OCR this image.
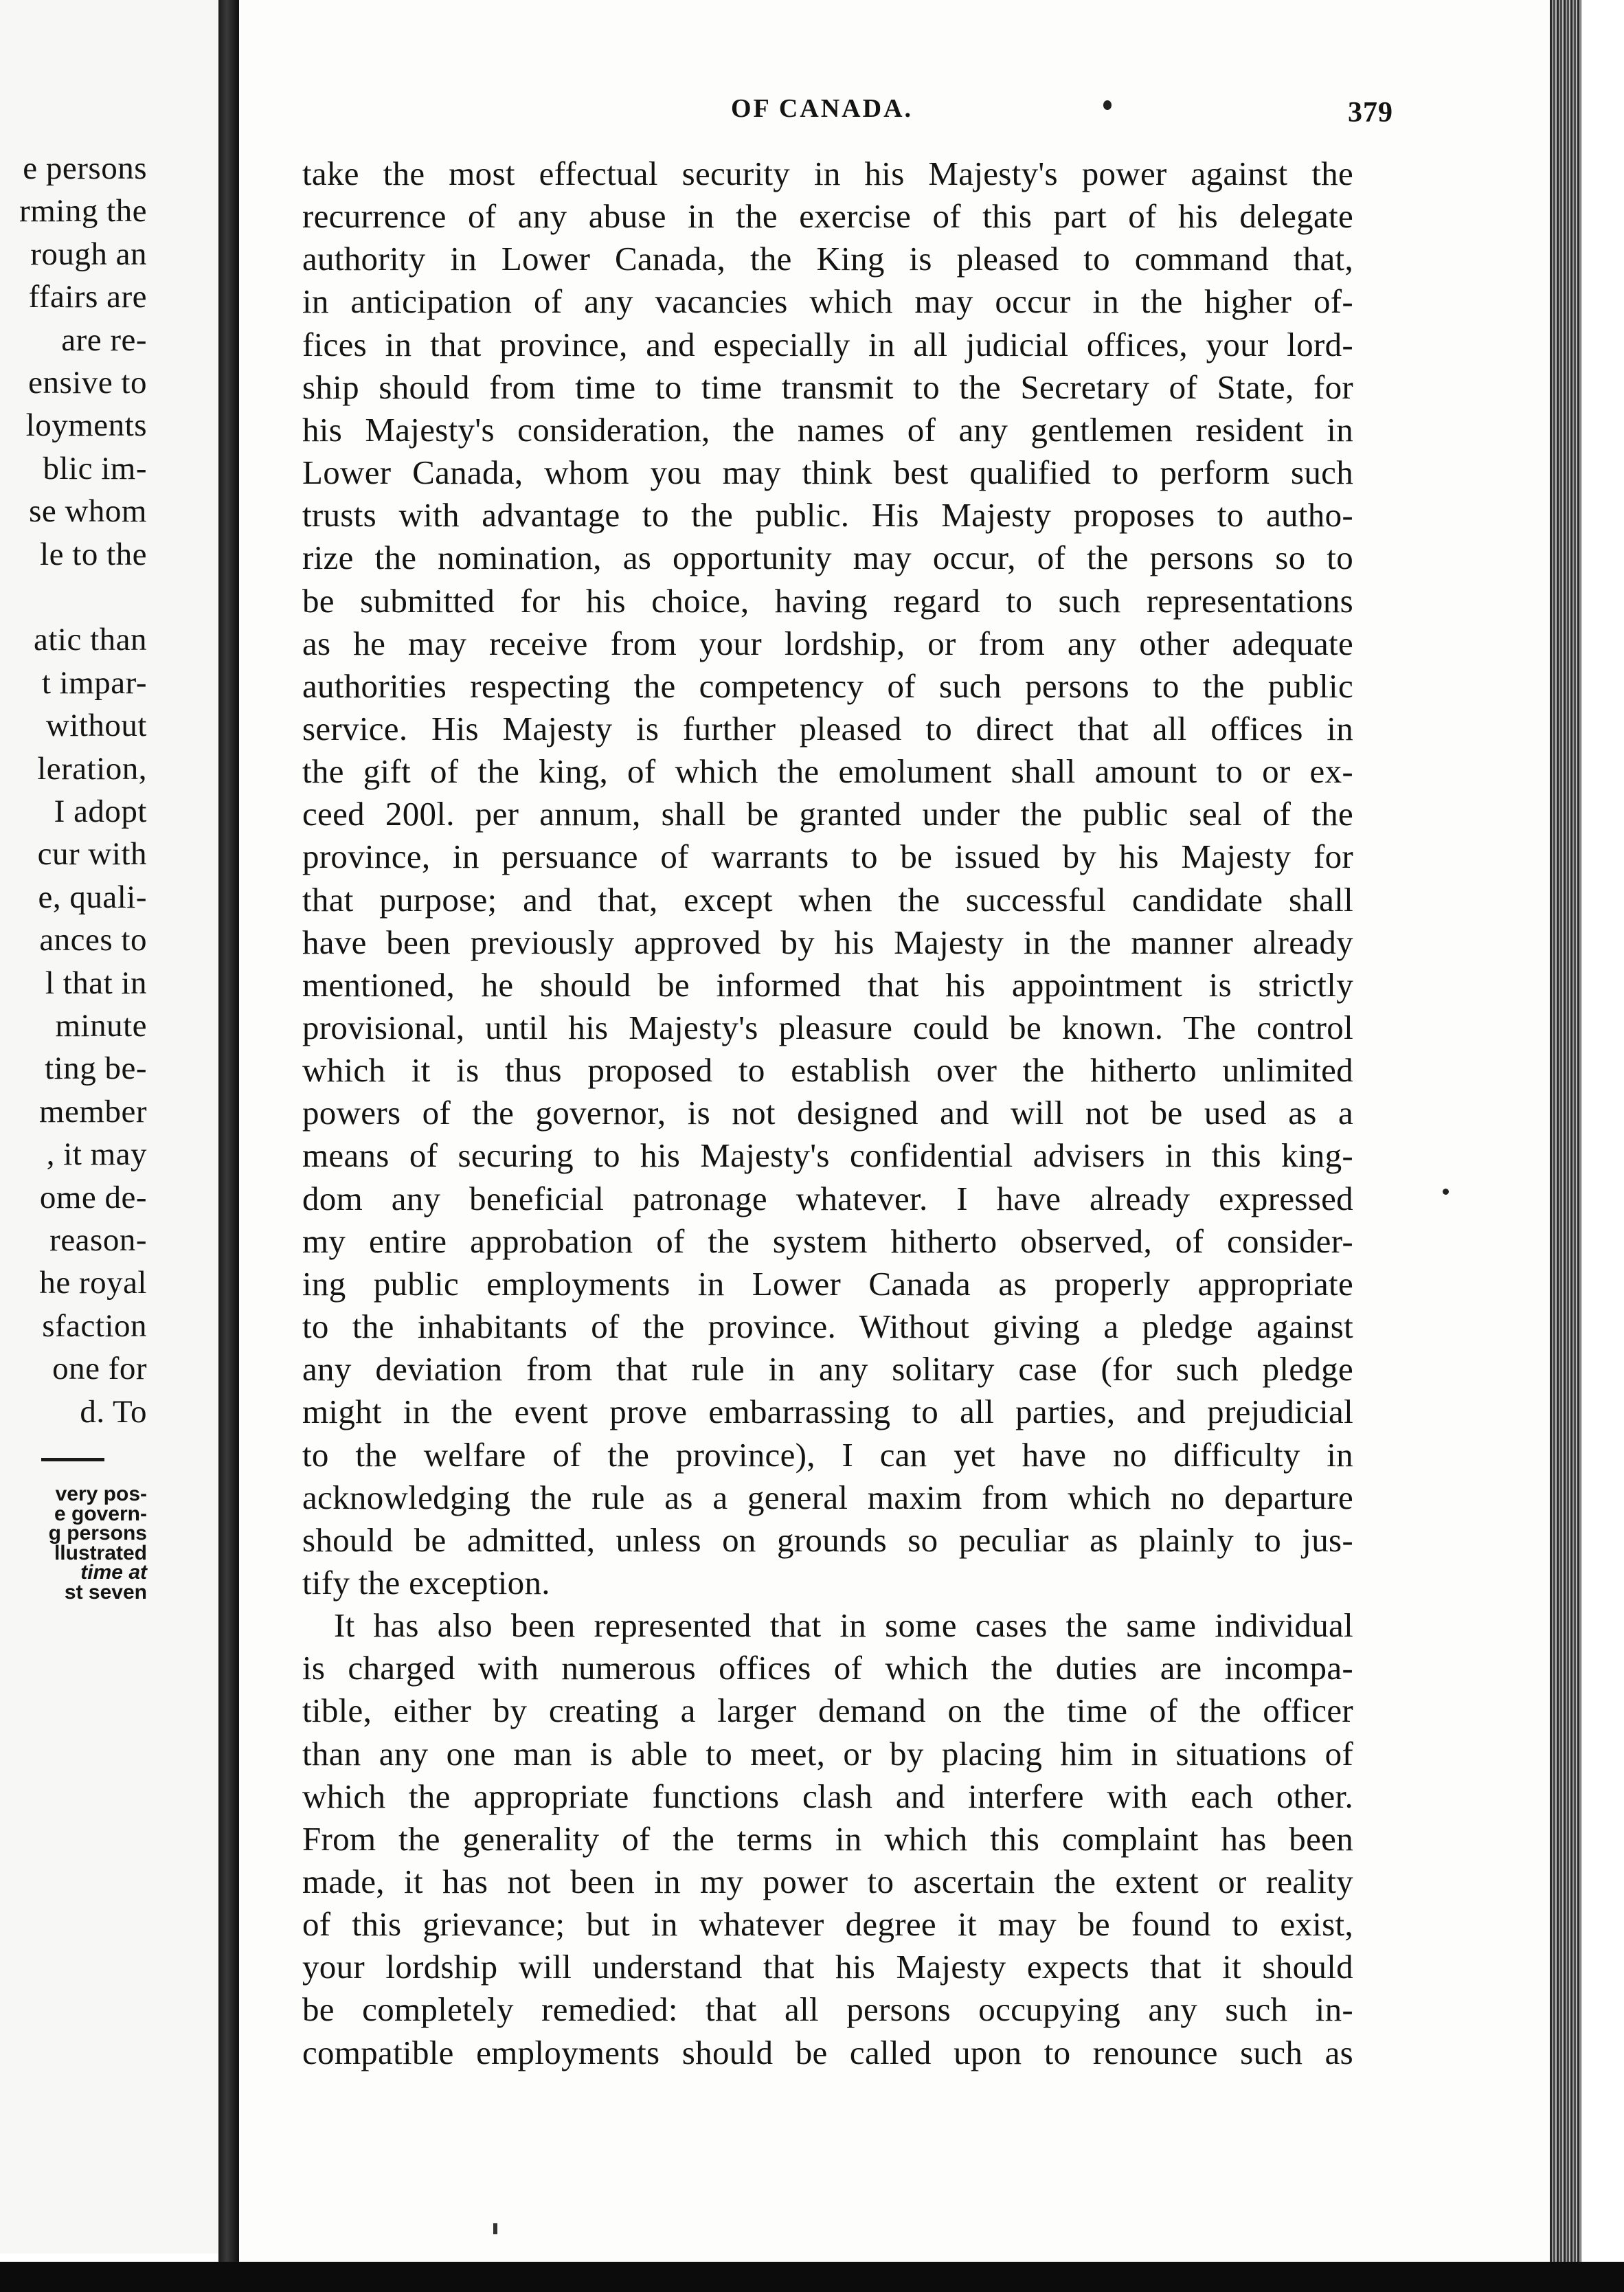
e persons
rming the
rough an
ffairs are
are re-
ensive to
loyments
blic im-
se whom
le to the
atic than
t impar-
without
leration,
I adopt
cur with
e, quali-
ances to
l that in
minute
ting be-
member
, it may
ome de-
reason-
he royal
sfaction
one for
d. To
very pos-
e govern-
g persons
llustrated
time at
st seven
OF CANADA.	379
take the most effectual security in his Majesty's power against the
recurrence of any abuse in the exercise of this part of his delegate
authority in Lower Canada, the King is pleased to command that,
in anticipation of any vacancies which may occur in the higher of-
fices in that province, and especially in all judicial offices, your lord-
ship should from time to time transmit to the Secretary of State, for
his Majesty's consideration, the names of any gentlemen resident in
Lower Canada, whom you may think best qualified to perform such
trusts with advantage to the public. His Majesty proposes to autho-
rize the nomination, as opportunity may occur, of the persons so to
be submitted for his choice, having regard to such representations
as he may receive from your lordship, or from any other adequate
authorities respecting the competency of such persons to the public
service. His Majesty is further pleased to direct that all offices in
the gift of the king, of which the emolument shall amount to or ex-
ceed 200l. per annum, shall be granted under the public seal of the
province, in persuance of warrants to be issued by his Majesty for
that purpose; and that, except when the successful candidate shall
have been previously approved by his Majesty in the manner already
mentioned, he should be informed that his appointment is strictly
provisional, until his Majesty's pleasure could be known. The control
which it is thus proposed to establish over the hitherto unlimited
powers of the governor, is not designed and will not be used as a
means of securing to his Majesty's confidential advisers in this king-
dom any beneficial patronage whatever. I have already expressed
my entire approbation of the system hitherto observed, of consider-
ing public employments in Lower Canada as properly appropriate
to the inhabitants of the province. Without giving a pledge against
any deviation from that rule in any solitary case (for such pledge
might in the event prove embarrassing to all parties, and prejudicial
to the welfare of the province), I can yet have no difficulty in
acknowledging the rule as a general maxim from which no departure
should be admitted, unless on grounds so peculiar as plainly to jus-
tify the exception.
It has also been represented that in some cases the same individual
is charged with numerous offices of which the duties are incompa-
tible, either by creating a larger demand on the time of the officer
than any one man is able to meet, or by placing him in situations of
which the appropriate functions clash and interfere with each other.
From the generality of the terms in which this complaint has been
made, it has not been in my power to ascertain the extent or reality
of this grievance; but in whatever degree it may be found to exist,
your lordship will understand that his Majesty expects that it should
be completely remedied: that all persons occupying any such in-
compatible employments should be called upon to renounce such as
